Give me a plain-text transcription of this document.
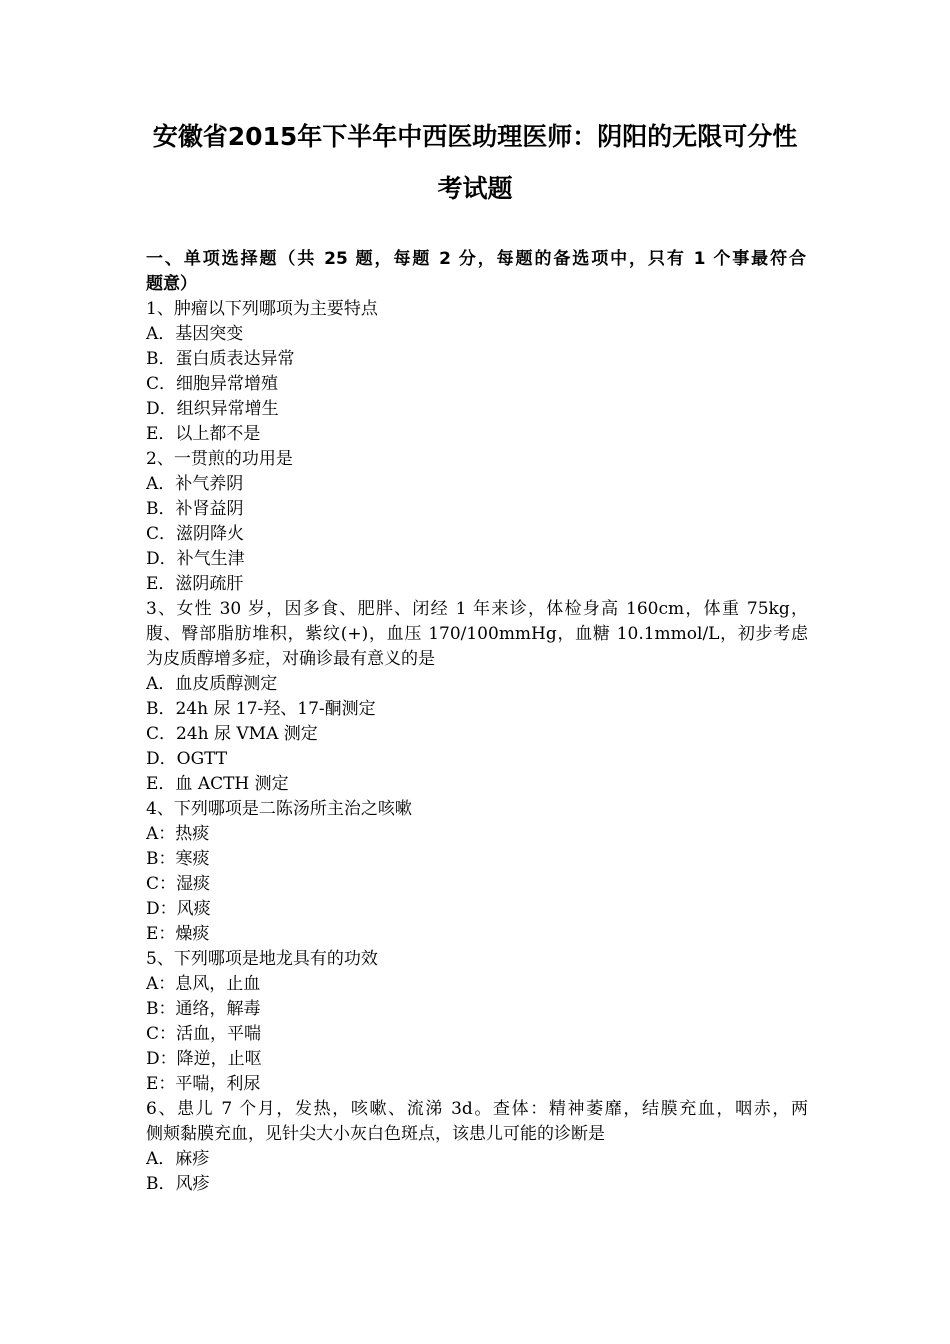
安徽省2015年下半年中西医助理医师：阴阳的无限可分性
考试题
一、单项选择题（共 25 题，每题 2 分，每题的备选项中，只有 1 个事最符合
题意）
1、肿瘤以下列哪项为主要特点
A．基因突变
B．蛋白质表达异常
C．细胞异常增殖
D．组织异常增生
E．以上都不是
2、一贯煎的功用是
A．补气养阴
B．补肾益阴
C．滋阴降火
D．补气生津
E．滋阴疏肝
3、女性 30 岁，因多食、肥胖、闭经 1 年来诊，体检身高 160cm，体重 75kg，
腹、臀部脂肪堆积，紫纹(+)，血压 170/100mmHg，血糖 10.1mmol/L，初步考虑
为皮质醇增多症，对确诊最有意义的是
A．血皮质醇测定
B．24h 尿 17-羟、17-酮测定
C．24h 尿 VMA 测定
D．OGTT
E．血 ACTH 测定
4、下列哪项是二陈汤所主治之咳嗽
A：热痰
B：寒痰
C：湿痰
D：风痰
E：燥痰
5、下列哪项是地龙具有的功效
A：息风，止血
B：通络，解毒
C：活血，平喘
D：降逆，止呕
E：平喘，利尿
6、患儿 7 个月，发热，咳嗽、流涕 3d。查体：精神萎靡，结膜充血，咽赤，两
侧颊黏膜充血，见针尖大小灰白色斑点，该患儿可能的诊断是
A．麻疹
B．风疹
